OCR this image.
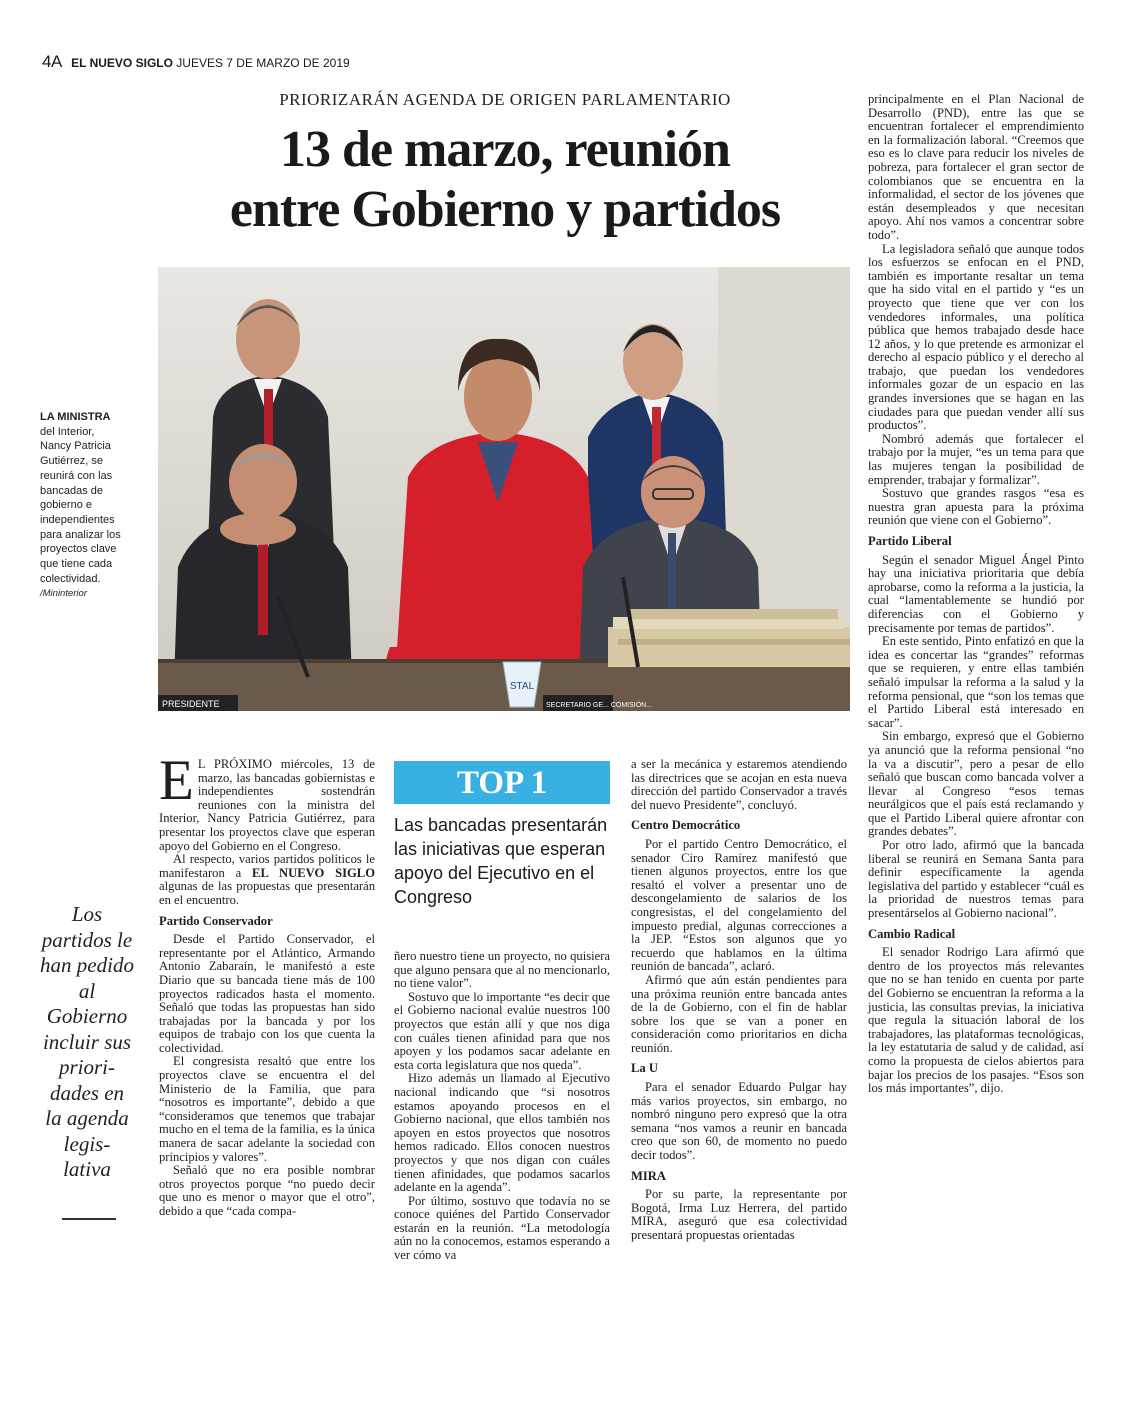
4A EL NUEVO SIGLO JUEVES 7 DE MARZO DE 2019
PRIORIZARÁN AGENDA DE ORIGEN PARLAMENTARIO
13 de marzo, reunión
entre Gobierno y partidos
STAL
PRESIDENTE	SECRETARIO GE... COMISIÓN...
LA MINISTRA del Interior, Nancy Patricia Gutiérrez, se reunirá con las bancadas de gobierno e independientes para analizar los proyectos clave que tiene cada colectividad.
/Mininterior
Los partidos le han pedido al Gobierno incluir sus priori-dades en la agenda legis-lativa

E L PRÓXIMO miércoles, 13 de marzo, las bancadas gobiernistas e independientes sostendrán reuniones con la ministra del Interior, Nancy Patricia Gutiérrez, para presentar los proyectos clave que esperan apoyo del Gobierno en el Congreso.

Al respecto, varios partidos políticos le manifestaron a EL NUEVO SIGLO algunas de las propuestas que presentarán en el encuentro.

Partido Conservador

Desde el Partido Conservador, el representante por el Atlántico, Armando Antonio Zabaraín, le manifestó a este Diario que su bancada tiene más de 100 proyectos radicados hasta el momento. Señaló que todas las propuestas han sido trabajadas por la bancada y por los equipos de trabajo con los que cuenta la colectividad.

El congresista resaltó que entre los proyectos clave se encuentra el del Ministerio de la Familia, que para “nosotros es importante”, debido a que “consideramos que tenemos que trabajar mucho en el tema de la familia, es la única manera de sacar adelante la sociedad con principios y valores”.

Señaló que no era posible nombrar otros proyectos porque “no puedo decir que uno es menor o mayor que el otro”, debido a que “cada compa-

TOP 1
Las bancadas presentarán las iniciativas que esperan apoyo del Ejecutivo en el Congreso

ñero nuestro tiene un proyecto, no quisiera que alguno pensara que al no mencionarlo, no tiene valor”.

Sostuvo que lo importante “es decir que el Gobierno nacional evalúe nuestros 100 proyectos que están allí y que nos diga con cuáles tienen afinidad para que nos apoyen y los podamos sacar adelante en esta corta legislatura que nos queda”.

Hizo además un llamado al Ejecutivo nacional indicando que “si nosotros estamos apoyando procesos en el Gobierno nacional, que ellos también nos apoyen en estos proyectos que nosotros hemos radicado. Ellos conocen nuestros proyectos y que nos digan con cuáles tienen afinidades, que podamos sacarlos adelante en la agenda”.

Por último, sostuvo que todavía no se conoce quiénes del Partido Conservador estarán en la reunión. “La metodología aún no la conocemos, estamos esperando a ver cómo va

a ser la mecánica y estaremos atendiendo las directrices que se acojan en esta nueva dirección del partido Conservador a través del nuevo Presidente”, concluyó.

Centro Democrático

Por el partido Centro Democrático, el senador Ciro Ramírez manifestó que tienen algunos proyectos, entre los que resaltó el volver a presentar uno de descongelamiento de salarios de los congresistas, el del congelamiento del impuesto predial, algunas correcciones a la JEP. “Estos son algunos que yo recuerdo que hablamos en la última reunión de bancada”, aclaró.

Afirmó que aún están pendientes para una próxima reunión entre bancada antes de la de Gobierno, con el fin de hablar sobre los que se van a poner en consideración como prioritarios en dicha reunión.

La U

Para el senador Eduardo Pulgar hay más varios proyectos, sin embargo, no nombró ninguno pero expresó que la otra semana “nos vamos a reunir en bancada creo que son 60, de momento no puedo decir todos”.

MIRA

Por su parte, la representante por Bogotá, Irma Luz Herrera, del partido MIRA, aseguró que esa colectividad presentará propuestas orientadas

principalmente en el Plan Nacional de Desarrollo (PND), entre las que se encuentran fortalecer el emprendimiento en la formalización laboral. “Creemos que eso es lo clave para reducir los niveles de pobreza, para fortalecer el gran sector de colombianos que se encuentra en la informalidad, el sector de los jóvenes que están desempleados y que necesitan apoyo. Ahí nos vamos a concentrar sobre todo”.

La legisladora señaló que aunque todos los esfuerzos se enfocan en el PND, también es importante resaltar un tema que ha sido vital en el partido y “es un proyecto que tiene que ver con los vendedores informales, una política pública que hemos trabajado desde hace 12 años, y lo que pretende es armonizar el derecho al espacio público y el derecho al trabajo, que puedan los vendedores informales gozar de un espacio en las grandes inversiones que se hagan en las ciudades para que puedan vender allí sus productos”.

Nombró además que fortalecer el trabajo por la mujer, “es un tema para que las mujeres tengan la posibilidad de emprender, trabajar y formalizar”.

Sostuvo que grandes rasgos “esa es nuestra gran apuesta para la próxima reunión que viene con el Gobierno”.

Partido Liberal

Según el senador Miguel Ángel Pinto hay una iniciativa prioritaria que debía aprobarse, como la reforma a la justicia, la cual “lamentablemente se hundió por diferencias con el Gobierno y precisamente por temas de partidos”.

En este sentido, Pinto enfatizó en que la idea es concertar las “grandes” reformas que se requieren, y entre ellas también señaló impulsar la reforma a la salud y la reforma pensional, que “son los temas que el Partido Liberal está interesado en sacar”.

Sin embargo, expresó que el Gobierno ya anunció que la reforma pensional “no la va a discutir”, pero a pesar de ello señaló que buscan como bancada volver a llevar al Congreso “esos temas neurálgicos que el país está reclamando y que el Partido Liberal quiere afrontar con grandes debates”.

Por otro lado, afirmó que la bancada liberal se reunirá en Semana Santa para definir específicamente la agenda legislativa del partido y establecer “cuál es la prioridad de nuestros temas para presentárselos al Gobierno nacional”.

Cambio Radical

El senador Rodrigo Lara afirmó que dentro de los proyectos más relevantes que no se han tenido en cuenta por parte del Gobierno se encuentran la reforma a la justicia, las consultas previas, la iniciativa que regula la situación laboral de los trabajadores, las plataformas tecnológicas, la ley estatutaria de salud y de calidad, así como la propuesta de cielos abiertos para bajar los precios de los pasajes. “Esos son los más importantes”, dijo.
